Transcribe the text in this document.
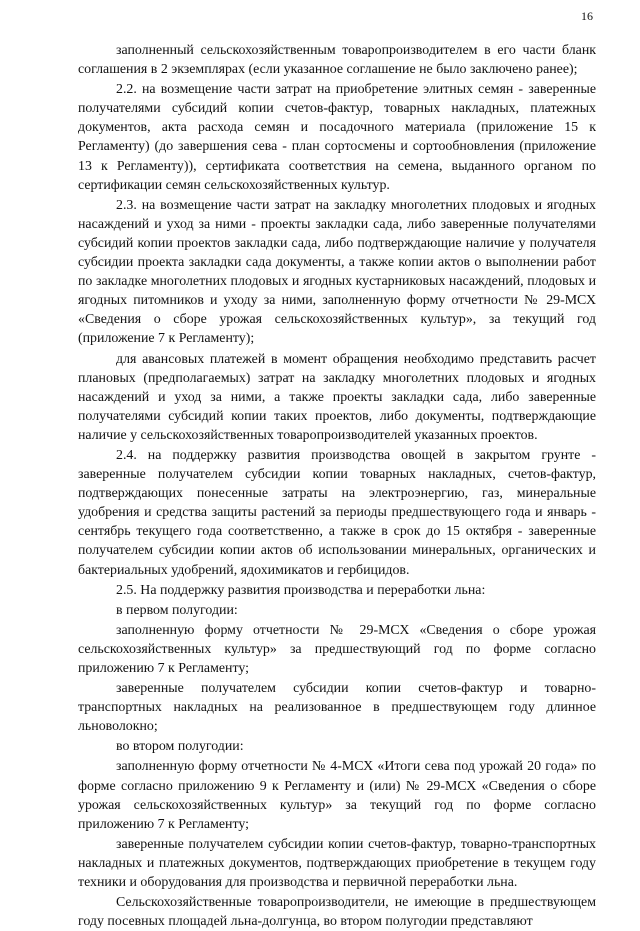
16

заполненный сельскохозяйственным товаропроизводителем в его части бланк соглашения в 2 экземплярах (если указанное соглашение не было заключено ранее);

2.2. на возмещение части затрат на приобретение элитных семян - заверенные получателями субсидий копии счетов-фактур, товарных накладных, платежных документов, акта расхода семян и посадочного материала (приложение 15 к Регламенту) (до завершения сева - план сортосмены и сортообновления (приложение 13 к Регламенту)), сертификата соответствия на семена, выданного органом по сертификации семян сельскохозяйственных культур.

2.3. на возмещение части затрат на закладку многолетних плодовых и ягодных насаждений и уход за ними - проекты закладки сада, либо заверенные получателями субсидий копии проектов закладки сада, либо подтверждающие наличие у получателя субсидии проекта закладки сада документы, а также копии актов о выполнении работ по закладке многолетних плодовых и ягодных кустарниковых насаждений, плодовых и ягодных питомников и уходу за ними, заполненную форму отчетности № 29-МСХ «Сведения о сборе урожая сельскохозяйственных культур», за текущий год (приложение 7 к Регламенту);

для авансовых платежей в момент обращения необходимо представить расчет плановых (предполагаемых) затрат на закладку многолетних плодовых и ягодных насаждений и уход за ними, а также проекты закладки сада, либо заверенные получателями субсидий копии таких проектов, либо документы, подтверждающие наличие у сельскохозяйственных товаропроизводителей указанных проектов.

2.4. на поддержку развития производства овощей в закрытом грунте - заверенные получателем субсидии копии товарных накладных, счетов-фактур, подтверждающих понесенные затраты на электроэнергию, газ, минеральные удобрения и средства защиты растений за периоды предшествующего года и январь - сентябрь текущего года соответственно, а также в срок до 15 октября - заверенные получателем субсидии копии актов об использовании минеральных, органических и бактериальных удобрений, ядохимикатов и гербицидов.

2.5. На поддержку развития производства и переработки льна:

в первом полугодии:

заполненную форму отчетности № 29-МСХ «Сведения о сборе урожая сельскохозяйственных культур» за предшествующий год по форме согласно приложению 7 к Регламенту;

заверенные получателем субсидии копии счетов-фактур и товарно-транспортных накладных на реализованное в предшествующем году длинное льноволокно;

во втором полугодии:

заполненную форму отчетности № 4-МСХ «Итоги сева под урожай 20 года» по форме согласно приложению 9 к Регламенту и (или) № 29-МСХ «Сведения о сборе урожая сельскохозяйственных культур» за текущий год по форме согласно приложению 7 к Регламенту;

заверенные получателем субсидии копии счетов-фактур, товарно-транспортных накладных и платежных документов, подтверждающих приобретение в текущем году техники и оборудования для производства и первичной переработки льна.

Сельскохозяйственные товаропроизводители, не имеющие в предшествующем году посевных площадей льна-долгунца, во втором полугодии представляют
